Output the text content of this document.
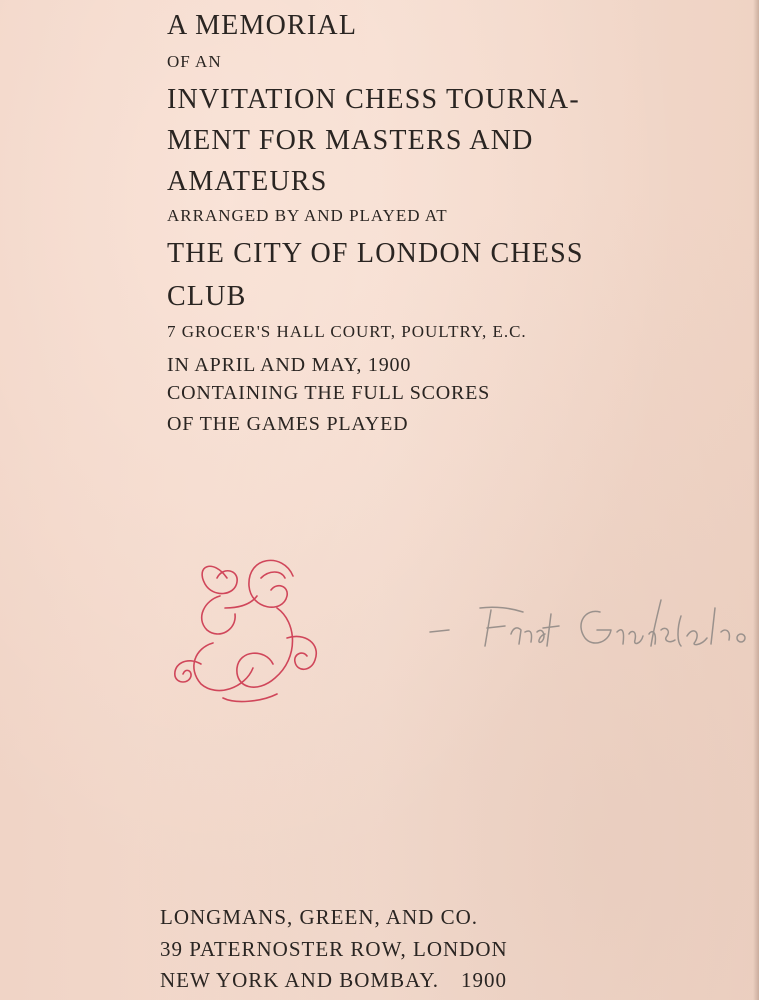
A MEMORIAL
OF AN
INVITATION CHESS TOURNA-
MENT FOR MASTERS AND
AMATEURS
ARRANGED BY AND PLAYED AT
THE CITY OF LONDON CHESS
CLUB
7 GROCER'S HALL COURT, POULTRY, E.C.
IN APRIL AND MAY, 1900
CONTAINING THE FULL SCORES
OF THE GAMES PLAYED
LONGMANS, GREEN, AND CO.
39 PATERNOSTER ROW, LONDON
NEW YORK AND BOMBAY. 1900
